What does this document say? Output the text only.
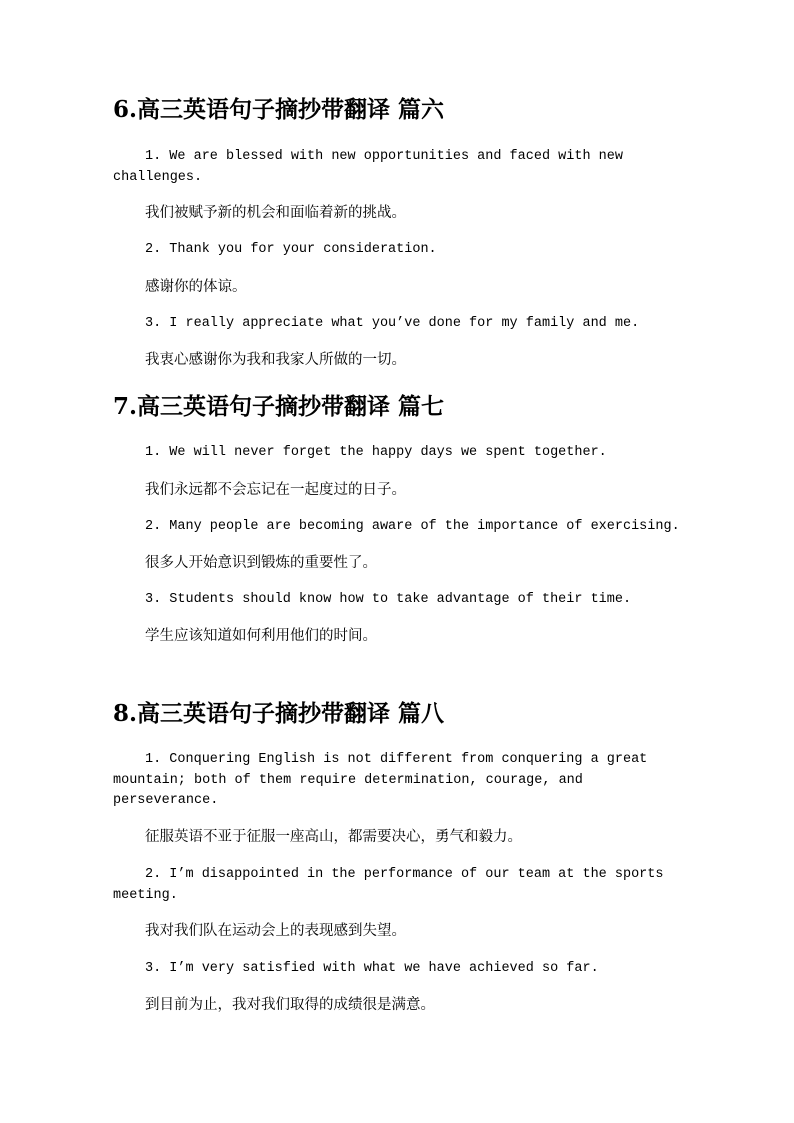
6.高三英语句子摘抄带翻译 篇六

1. We are blessed with new opportunities and faced with new challenges.

我们被赋予新的机会和面临着新的挑战。

2. Thank you for your consideration.

感谢你的体谅。

3. I really appreciate what you’ve done for my family and me.

我衷心感谢你为我和我家人所做的一切。

7.高三英语句子摘抄带翻译 篇七

1. We will never forget the happy days we spent together.

我们永远都不会忘记在一起度过的日子。

2. Many people are becoming aware of the importance of exercising.

很多人开始意识到锻炼的重要性了。

3. Students should know how to take advantage of their time.

学生应该知道如何利用他们的时间。

8.高三英语句子摘抄带翻译 篇八

1. Conquering English is not different from conquering a great mountain; both of them require determination, courage, and perseverance.

征服英语不亚于征服一座高山，都需要决心，勇气和毅力。

2. I’m disappointed in the performance of our team at the sports meeting.

我对我们队在运动会上的表现感到失望。

3. I’m very satisfied with what we have achieved so far.

到目前为止，我对我们取得的成绩很是满意。
